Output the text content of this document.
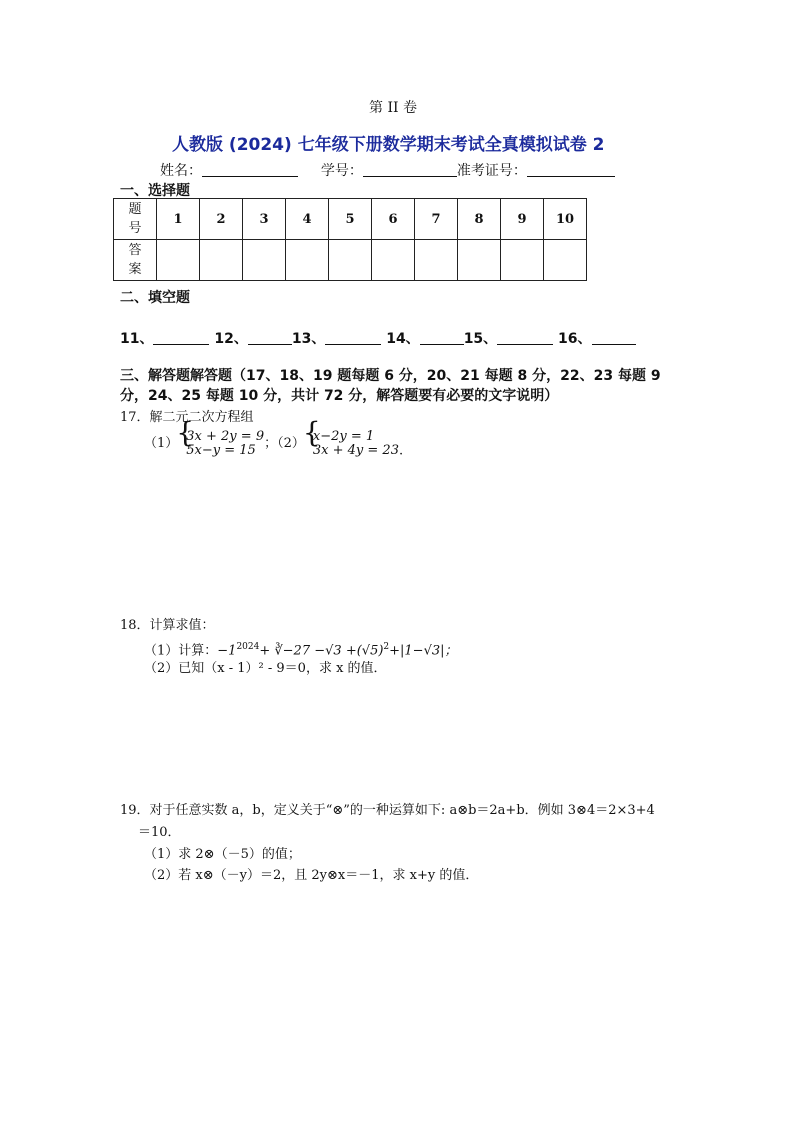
第 II 卷
人教版 (2024) 七年级下册数学期末考试全真模拟试卷 2
姓名：	学号：	准考证号：
一、选择题
题号	1	2	3	4	5	6	7	8	9	10
答案										
二、填空题
11、	12、	13、	14、	15、	16、
三、解答题解答题（17、18、19 题每题 6 分，20、21 每题 8 分，22、23 每题 9 分，24、25 每题 10 分，共计 72 分，解答题要有必要的文字说明）
17．解二元二次方程组
（1） { 3x + 2y = 9
5x−y = 15 ；（2） { x−2y = 1
3x + 4y = 23.
18．计算求值：
（1）计算：$-1^{2024}+$ ∛−27 $-√3 +(√5)^2+|1-√3|$；
（2）已知（x - 1）² - 9＝0，求 x 的值．
19．对于任意实数 a，b，定义关于“⊗”的一种运算如下: a⊗b＝2a+b．例如 3⊗4＝2×3+4
＝10．
（1）求 2⊗（－5）的值；
（2）若 x⊗（－y）＝2，且 2y⊗x＝－1，求 x+y 的值．
